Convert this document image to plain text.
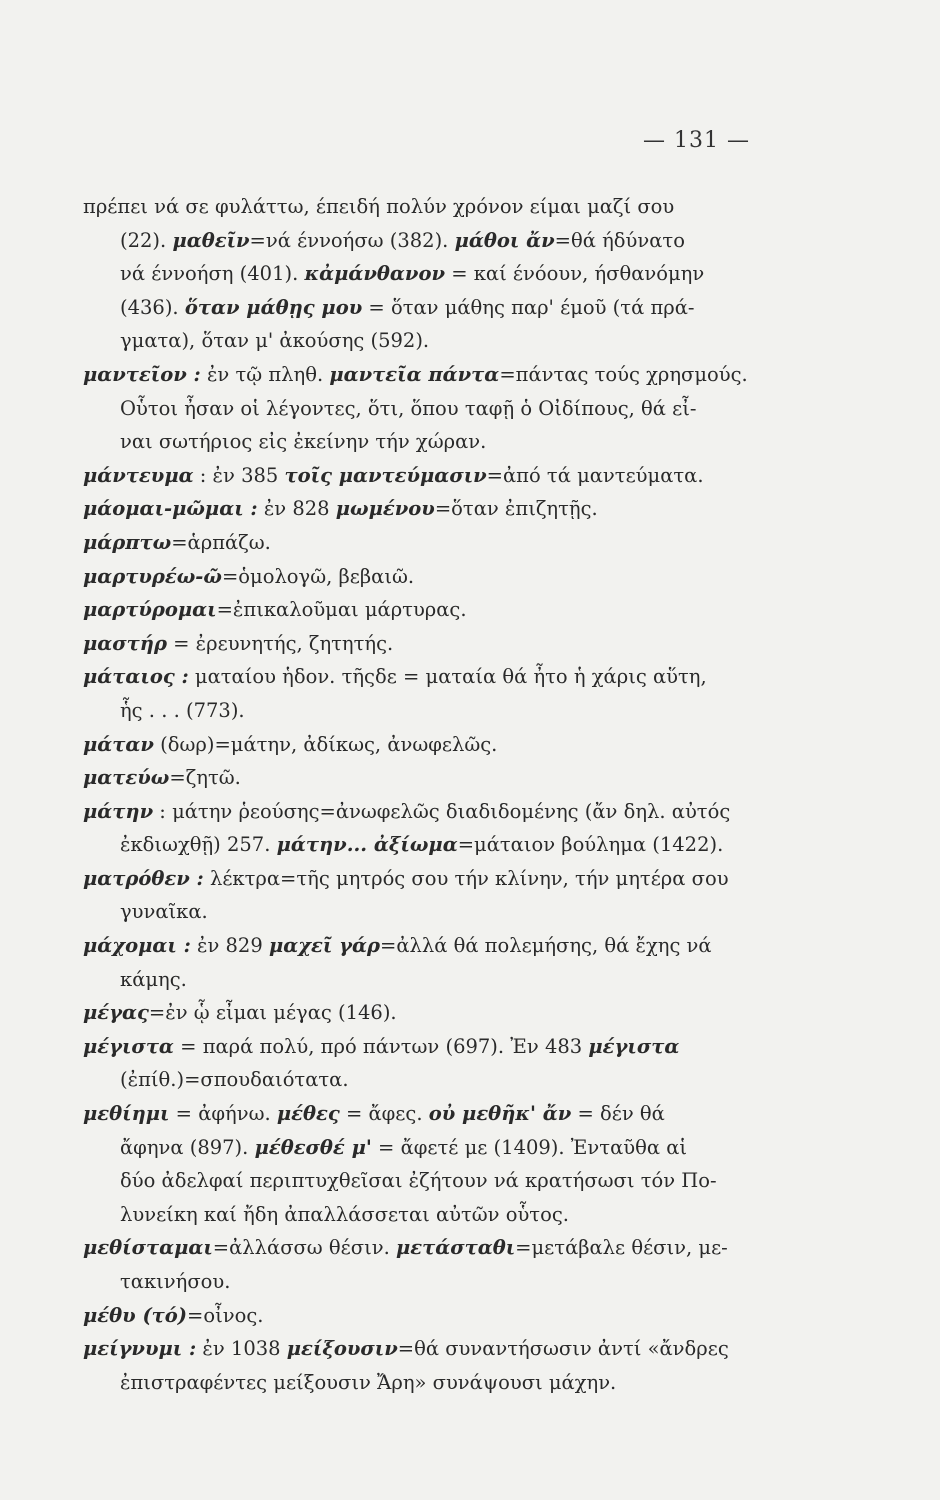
— 131 —
πρέπει νά σε φυλάττω, έπειδή πολύν χρόνον είμαι μαζί σου
(22). μαθεῖν=νά έννοήσω (382). μάθοι ἄν=θά ήδύνατο
νά έννοήση (401). κἀμάνθανον = καί ένόουν, ήσθανόμην
(436). ὅταν μάθῃς μου = ὅταν μάθης παρ' έμοῦ (τά πρά-
γματα), ὅταν μ' ἀκούσης (592).
μαντεῖον : ἐν τῷ πληθ. μαντεῖα πάντα=πάντας τούς χρησμούς.
Οὗτοι ἦσαν οἱ λέγοντες, ὅτι, ὅπου ταφῇ ὁ Οἰδίπους, θά εἶ-
ναι σωτήριος εἰς ἐκείνην τήν χώραν.
μάντευμα : ἐν 385 τοῖς μαντεύμασιν=ἀπό τά μαντεύματα.
μάομαι-μῶμαι : ἐν 828 μωμένου=ὅταν ἐπιζητῇς.
μάρπτω=ἁρπάζω.
μαρτυρέω-ῶ=ὁμολογῶ, βεβαιῶ.
μαρτύρομαι=ἐπικαλοῦμαι μάρτυρας.
μαστήρ = ἐρευνητής, ζητητής.
μάταιος : ματαίου ἡδον. τῆςδε = ματαία θά ἦτο ἡ χάρις αὕτη,
ἧς . . . (773).
μάταν (δωρ)=μάτην, ἀδίκως, ἀνωφελῶς.
ματεύω=ζητῶ.
μάτην : μάτην ῥεούσης=ἀνωφελῶς διαδιδομένης (ἄν δηλ. αὐτός
ἐκδιωχθῇ) 257. μάτην... ἀξίωμα=μάταιον βούλημα (1422).
ματρόθεν : λέκτρα=τῆς μητρός σου τήν κλίνην, τήν μητέρα σου
γυναῖκα.
μάχομαι : ἐν 829 μαχεῖ γάρ=ἀλλά θά πολεμήσης, θά ἔχης νά
κάμης.
μέγας=ἐν ᾧ εἶμαι μέγας (146).
μέγιστα = παρά πολύ, πρό πάντων (697). Ἐν 483 μέγιστα
(ἐπίθ.)=σπουδαιότατα.
μεθίημι = ἀφήνω. μέθες = ἄφες. οὐ μεθῆκ' ἄν = δέν θά
ἄφηνα (897). μέθεσθέ μ' = ἄφετέ με (1409). Ἐνταῦθα αἱ
δύο ἀδελφαί περιπτυχθεῖσαι ἐζήτουν νά κρατήσωσι τόν Πο-
λυνείκη καί ἤδη ἀπαλλάσσεται αὐτῶν οὗτος.
μεθίσταμαι=ἀλλάσσω θέσιν. μετάσταθι=μετάβαλε θέσιν, με-
τακινήσου.
μέθυ (τό)=οἶνος.
μείγνυμι : ἐν 1038 μείξουσιν=θά συναντήσωσιν ἀντί «ἄνδρες
ἐπιστραφέντες μείξουσιν Ἄρη» συνάψουσι μάχην.
